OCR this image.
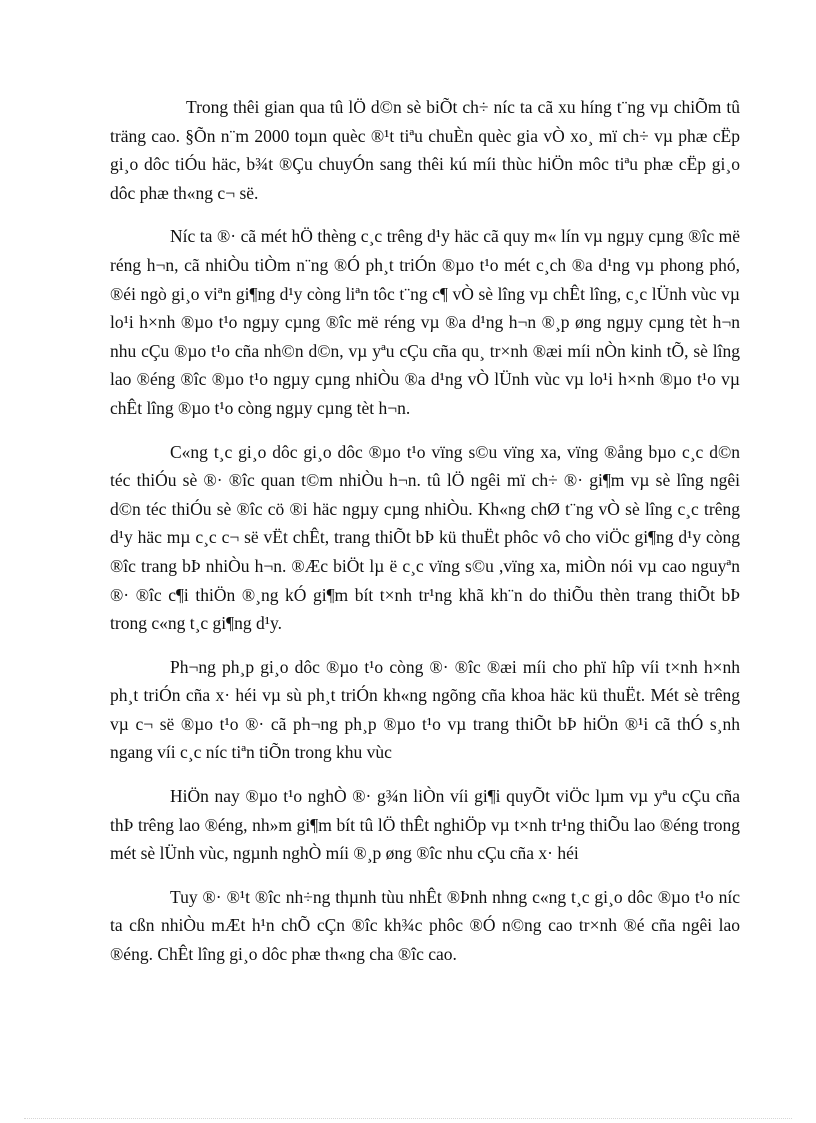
Trong thêi gian qua tû lÖ d©n sè biÕt ch÷ níc ta cã xu híng t¨ng vµ chiÕm tû träng cao. §Õn n¨m 2000 toµn quèc ®¹t tiªu chuÈn quèc gia vÒ xo¸ mï ch÷ vµ phæ cËp gi¸o dôc tiÓu häc, b¾t ®Çu chuyÓn sang thêi kú míi thùc hiÖn môc tiªu phæ cËp gi¸o dôc phæ th«ng c¬ së.

Níc ta ®· cã mét hÖ thèng c¸c trêng d¹y häc cã quy m« lín vµ ngµy cµng ®îc më réng h¬n, cã nhiÒu tiÒm n¨ng ®Ó ph¸t triÓn ®µo t¹o mét c¸ch ®a d¹ng vµ phong phó, ®éi ngò gi¸o viªn gi¶ng d¹y còng liªn tôc t¨ng c¶ vÒ sè lîng vµ chÊt lîng, c¸c lÜnh vùc vµ lo¹i h×nh ®µo t¹o ngµy cµng ®îc më réng vµ ®a d¹ng h¬n ®¸p øng ngµy cµng tèt h¬n nhu cÇu ®µo t¹o cña nh©n d©n, vµ yªu cÇu cña qu¸ tr×nh ®æi míi nÒn kinh tÕ, sè lîng lao ®éng ®îc ®µo t¹o ngµy cµng nhiÒu ®a d¹ng vÒ lÜnh vùc vµ lo¹i h×nh ®µo t¹o vµ chÊt lîng ®µo t¹o còng ngµy cµng tèt h¬n.

C«ng t¸c gi¸o dôc gi¸o dôc ®µo t¹o vïng s©u vïng xa, vïng ®ång bµo c¸c d©n téc thiÓu sè ®· ®îc quan t©m nhiÒu h¬n. tû lÖ ngêi mï ch÷ ®· gi¶m vµ sè lîng ngêi d©n téc thiÓu sè ®îc cö ®i häc ngµy cµng nhiÒu. Kh«ng chØ t¨ng vÒ sè lîng c¸c trêng d¹y häc mµ c¸c c¬ së vËt chÊt, trang thiÕt bÞ kü thuËt phôc vô cho viÖc gi¶ng d¹y còng ®îc trang bÞ nhiÒu h¬n. ®Æc biÖt lµ ë c¸c vïng s©u ,vïng xa, miÒn nói vµ cao nguyªn ®· ®îc c¶i thiÖn ®¸ng kÓ gi¶m bít t×nh tr¹ng khã kh¨n do thiÕu thèn trang thiÕt bÞ trong c«ng t¸c gi¶ng d¹y.

Ph¬ng ph¸p gi¸o dôc ®µo t¹o còng ®· ®îc ®æi míi cho phï hîp víi t×nh h×nh ph¸t triÓn cña x· héi vµ sù ph¸t triÓn kh«ng ngõng cña khoa häc kü thuËt. Mét sè trêng vµ c¬ së ®µo t¹o ®· cã ph¬ng ph¸p ®µo t¹o vµ trang thiÕt bÞ hiÖn ®¹i cã thÓ s¸nh ngang víi c¸c níc tiªn tiÕn trong khu vùc

HiÖn nay ®µo t¹o nghÒ ®· g¾n liÒn víi gi¶i quyÕt viÖc lµm vµ yªu cÇu cña thÞ trêng lao ®éng, nh»m gi¶m bít tû lÖ thÊt nghiÖp vµ t×nh tr¹ng thiÕu lao ®éng trong mét sè lÜnh vùc, ngµnh nghÒ míi ®¸p øng ®îc nhu cÇu cña x· héi

Tuy ®· ®¹t ®îc nh÷ng thµnh tùu nhÊt ®Þnh nhng c«ng t¸c gi¸o dôc ®µo t¹o níc ta cßn nhiÒu mÆt h¹n chÕ cÇn ®îc kh¾c phôc ®Ó n©ng cao tr×nh ®é cña ngêi lao ®éng. ChÊt lîng gi¸o dôc phæ th«ng cha ®îc cao.
